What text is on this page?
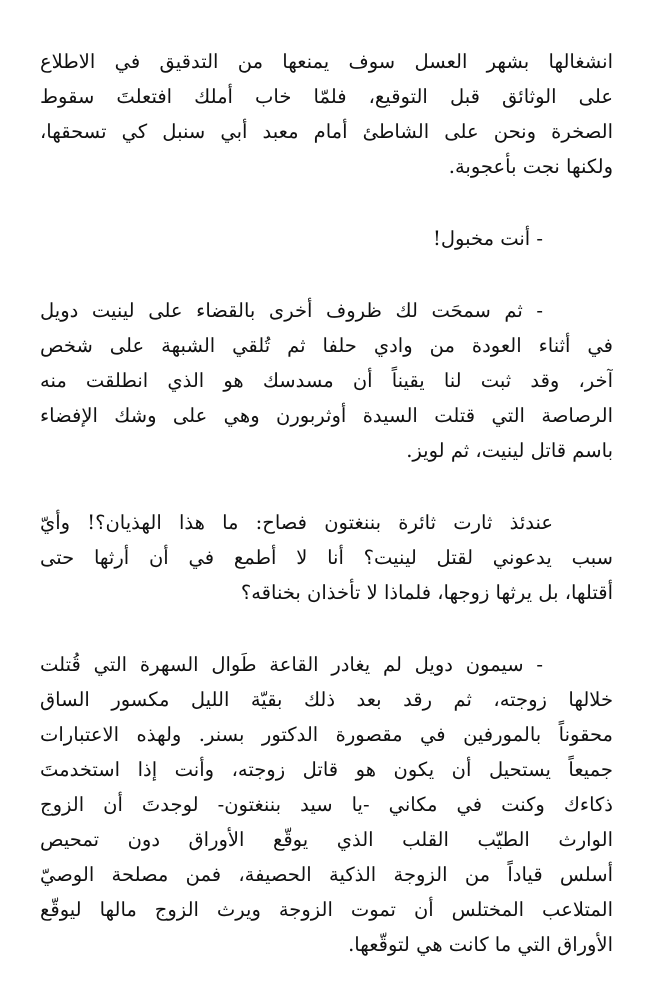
انشغالها بشهر العسل سوف يمنعها من التدقيق في الاطلاع
على الوثائق قبل التوقيع، فلمّا خاب أملك افتعلتَ سقوط
الصخرة ونحن على الشاطئ أمام معبد أبي سنبل كي تسحقها،
ولكنها نجت بأعجوبة.
- أنت مخبول!
- ثم سمحَت لك ظروف أخرى بالقضاء على لينيت دويل
في أثناء العودة من وادي حلفا ثم تُلقي الشبهة على شخص
آخر، وقد ثبت لنا يقيناً أن مسدسك هو الذي انطلقت منه
الرصاصة التي قتلت السيدة أوثربورن وهي على وشك الإفضاء
باسم قاتل لينيت، ثم لويز.
عندئذ ثارت ثائرة بننغتون فصاح: ما هذا الهذيان؟! وأيّ
سبب يدعوني لقتل لينيت؟ أنا لا أطمع في أن أرثها حتى
أقتلها، بل يرثها زوجها، فلماذا لا تأخذان بخناقه؟
- سيمون دويل لم يغادر القاعة طَوال السهرة التي قُتلت
خلالها زوجته، ثم رقد بعد ذلك بقيّة الليل مكسور الساق
محقوناً بالمورفين في مقصورة الدكتور بسنر. ولهذه الاعتبارات
جميعاً يستحيل أن يكون هو قاتل زوجته، وأنت إذا استخدمتَ
ذكاءك وكنت في مكاني -يا سيد بننغتون- لوجدتَ أن الزوج
الوارث الطيّب القلب الذي يوقّع الأوراق دون تمحيص
أسلس قياداً من الزوجة الذكية الحصيفة، فمن مصلحة الوصيّ
المتلاعب المختلس أن تموت الزوجة ويرث الزوج مالها ليوقّع
الأوراق التي ما كانت هي لتوقّعها.
